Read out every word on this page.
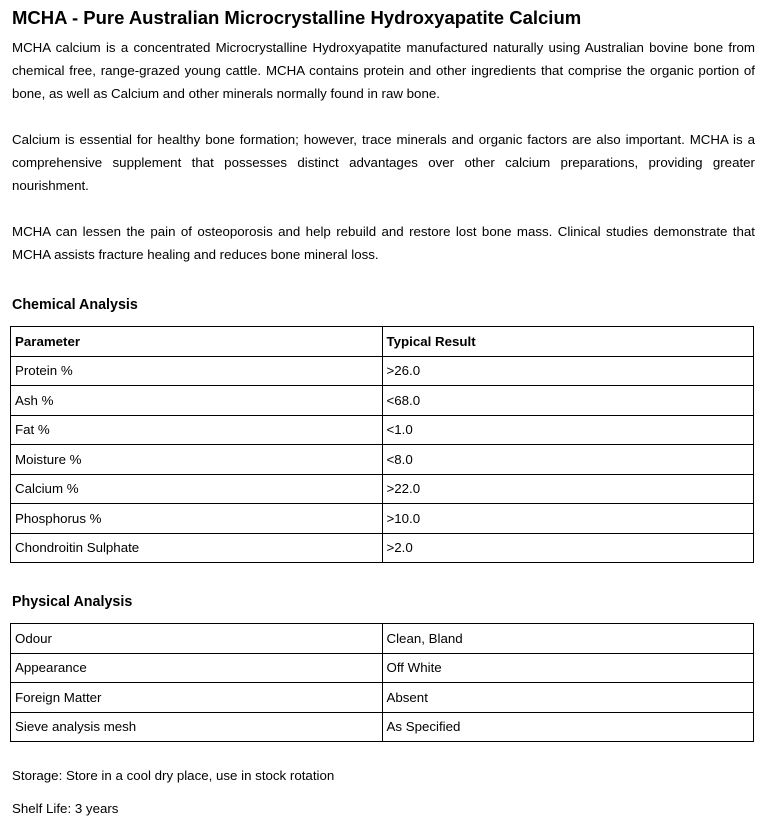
MCHA - Pure Australian Microcrystalline Hydroxyapatite Calcium

MCHA calcium is a concentrated Microcrystalline Hydroxyapatite manufactured naturally using Australian bovine bone from chemical free, range-grazed young cattle. MCHA contains protein and other ingredients that comprise the organic portion of bone, as well as Calcium and other minerals normally found in raw bone.

Calcium is essential for healthy bone formation; however, trace minerals and organic factors are also important. MCHA is a comprehensive supplement that possesses distinct advantages over other calcium preparations, providing greater nourishment.

MCHA can lessen the pain of osteoporosis and help rebuild and restore lost bone mass. Clinical studies demonstrate that MCHA assists fracture healing and reduces bone mineral loss.

Chemical Analysis
Parameter	Typical Result
Protein %	>26.0
Ash %	<68.0
Fat %	<1.0
Moisture %	<8.0
Calcium %	>22.0
Phosphorus %	>10.0
Chondroitin Sulphate	>2.0
Physical Analysis
Odour	Clean, Bland
Appearance	Off White
Foreign Matter	Absent
Sieve analysis mesh	As Specified

Storage: Store in a cool dry place, use in stock rotation

Shelf Life: 3 years
